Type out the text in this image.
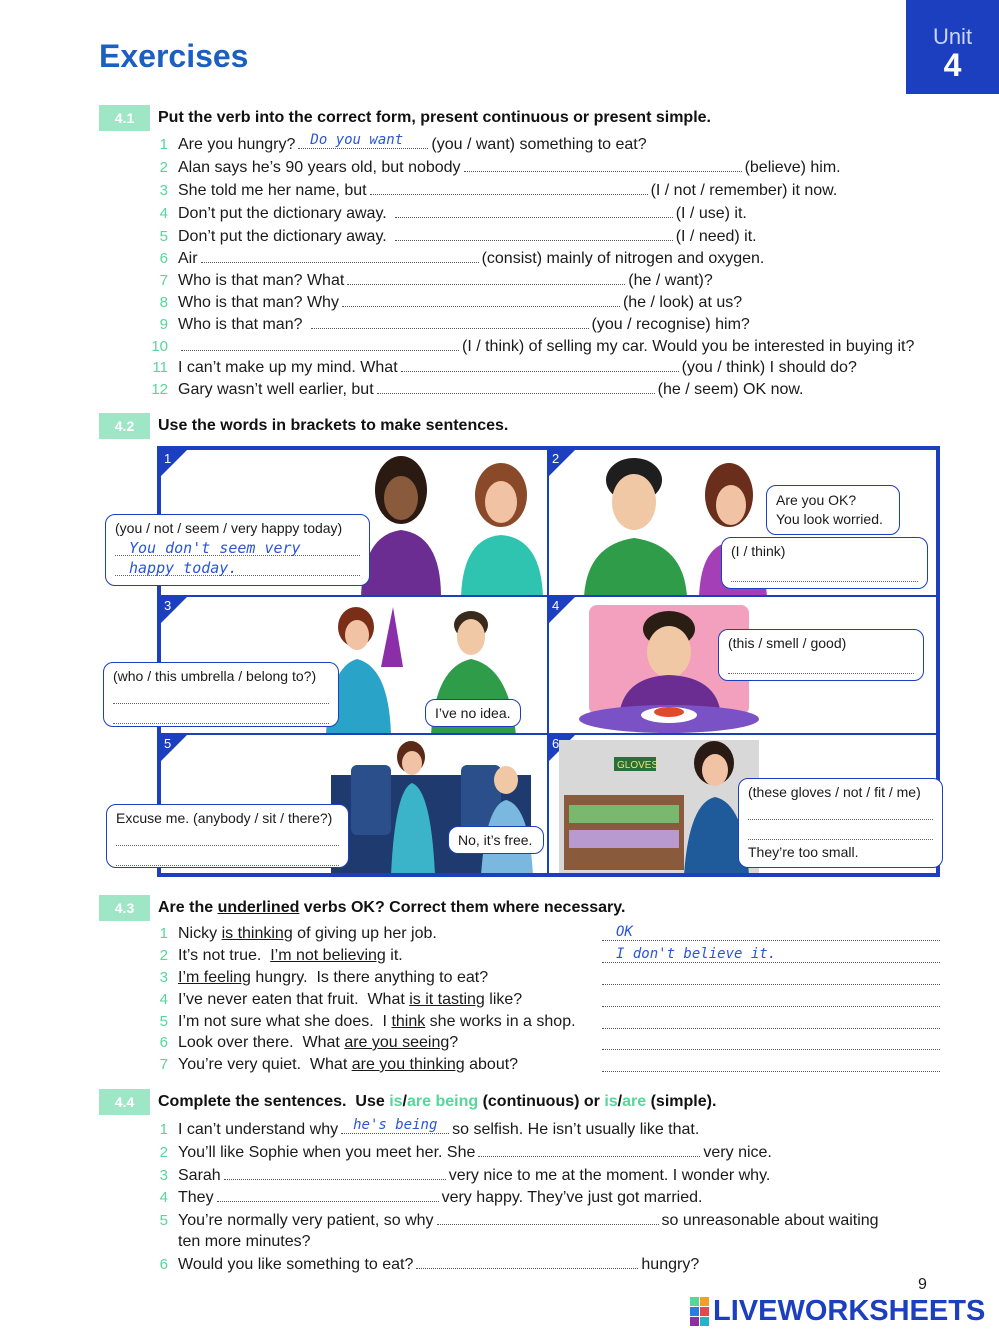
Exercises
Unit
4
4.1	Put the verb into the correct form, present continuous or present simple.
1 Are you hungry? Do you want (you / want) something to eat?
2 Alan says he’s 90 years old, but nobody	(believe) him.
3 She told me her name, but	(I / not / remember) it now.
4 Don’t put the dictionary away.	(I / use) it.
5 Don’t put the dictionary away.	(I / need) it.
6 Air	(consist) mainly of nitrogen and oxygen.
7 Who is that man? What	(he / want)?
8 Who is that man? Why	(he / look) at us?
9 Who is that man?	(you / recognise) him?
10	(I / think) of selling my car. Would you be interested in buying it?
11 I can’t make up my mind. What	(you / think) I should do?
12 Gary wasn’t well earlier, but	(he / seem) OK now.
4.2	Use the words in brackets to make sentences.
1	2
3	4
5	6
GLOVES
(you / not / seem / very happy today)
You don't seem very
happy today.
Are you OK?
You look worried.
(I / think)
(who / this umbrella / belong to?)
I’ve no idea.
(this / smell / good)
Excuse me. (anybody / sit / there?)
No, it’s free.
(these gloves / not / fit / me)
They’re too small.
4.3	Are the underlined verbs OK? Correct them where necessary.
1 Nicky is thinking of giving up her job.	OK
2 It’s not true. I’m not believing it.	I don't believe it.
3 I’m feeling hungry.  Is there anything to eat?
4 I’ve never eaten that fruit.  What is it tasting like?
5 I’m not sure what she does.  I think she works in a shop.
6 Look over there.  What are you seeing ?
7 You’re very quiet.  What are you thinking about?
4.4	Complete the sentences.  Use is/are being (continuous) or is/are (simple).
1 I can’t understand why he's being so selfish. He isn’t usually like that.
2 You’ll like Sophie when you meet her. She	very nice.
3 Sarah	very nice to me at the moment. I wonder why.
4 They	very happy. They’ve just got married.
5 You’re normally very patient, so why	so unreasonable about waiting
ten more minutes?
6 Would you like something to eat?	hungry?
9
LIVEWORKSHEETS
